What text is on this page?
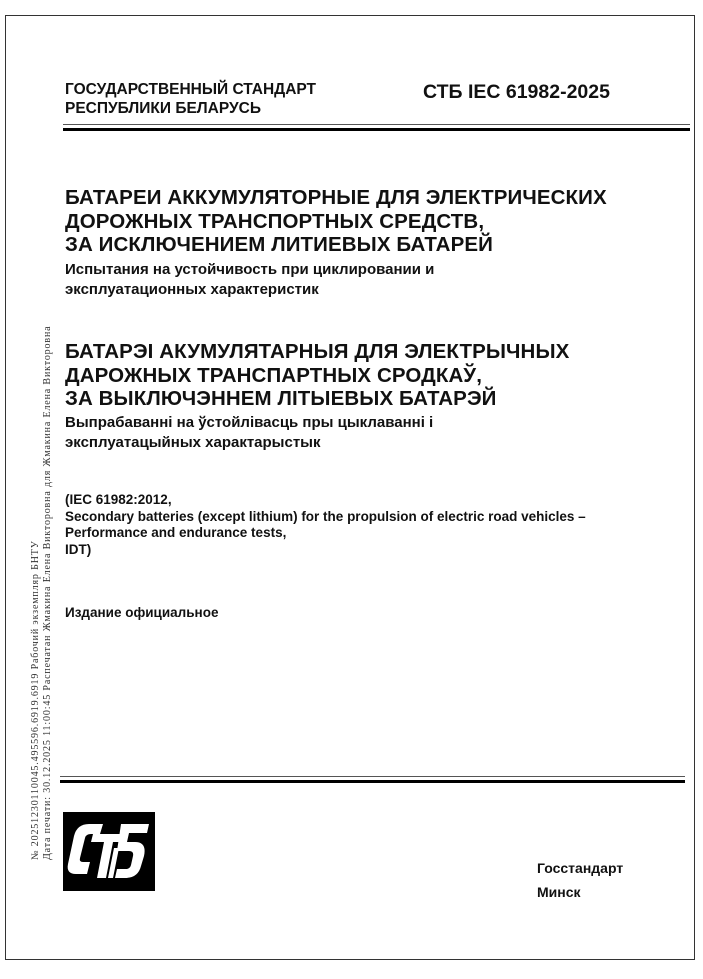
№ 20251230110045.495596.6919.6919 Рабочий экземпляр БНТУ Дата печати: 30.12.2025 11:00:45 Распечатан Жмакина Елена Викторовна для Жмакина Елена Викторовна
ГОСУДАРСТВЕННЫЙ СТАНДАРТ
РЕСПУБЛИКИ БЕЛАРУСЬ
СТБ IEC 61982-2025
БАТАРЕИ АККУМУЛЯТОРНЫЕ ДЛЯ ЭЛЕКТРИЧЕСКИХ
ДОРОЖНЫХ ТРАНСПОРТНЫХ СРЕДСТВ,
ЗА ИСКЛЮЧЕНИЕМ ЛИТИЕВЫХ БАТАРЕЙ
Испытания на устойчивость при циклировании и
эксплуатационных характеристик
БАТАРЭІ АКУМУЛЯТАРНЫЯ ДЛЯ ЭЛЕКТРЫЧНЫХ
ДАРОЖНЫХ ТРАНСПАРТНЫХ СРОДКАЎ,
ЗА ВЫКЛЮЧЭННЕМ ЛІТЫЕВЫХ БАТАРЭЙ
Выпрабаванні на ўстойлівасць пры цыклаванні і
эксплуатацыйных характарыстык
(IEC 61982:2012,
Secondary batteries (except lithium) for the propulsion of electric road vehicles –
Performance and endurance tests,
IDT)
Издание официальное
Госстандарт
Минск
